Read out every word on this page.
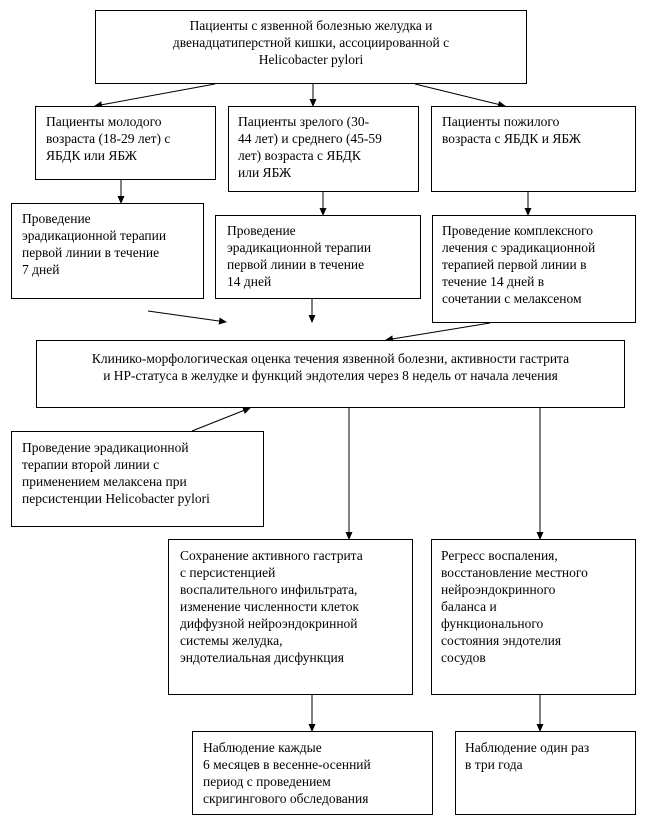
Пациенты с язвенной болезнью желудка и
двенадцатиперстной кишки, ассоциированной с
Helicobacter pylori
Пациенты молодого
возраста (18-29 лет) с
ЯБДК или ЯБЖ
Пациенты зрелого (30-
44 лет) и среднего (45-59
лет) возраста с ЯБДК
или ЯБЖ
Пациенты пожилого
возраста с ЯБДК и ЯБЖ
Проведение
эрадикационной терапии
первой линии в течение
7 дней
Проведение
эрадикационной терапии
первой линии в течение
14 дней
Проведение комплексного
лечения с эрадикационной
терапией первой линии в
течение 14 дней в
сочетании с мелаксеном
Клинико-морфологическая оценка течения язвенной болезни, активности гастрита
и НР-статуса в желудке и функций эндотелия через 8 недель от начала лечения
Проведение эрадикационной
терапии второй линии с
применением мелаксена при
персистенции Helicobacter pylori
Сохранение активного гастрита
с персистенцией
воспалительного инфильтрата,
изменение численности клеток
диффузной нейроэндокринной
системы желудка,
эндотелиальная дисфункция
Регресс воспаления,
восстановление местного
нейроэндокринного
баланса и
функционального
состояния эндотелия
сосудов
Наблюдение каждые
6 месяцев в весенне-осенний
период с проведением
скригингового обследования
Наблюдение один раз
в три года
